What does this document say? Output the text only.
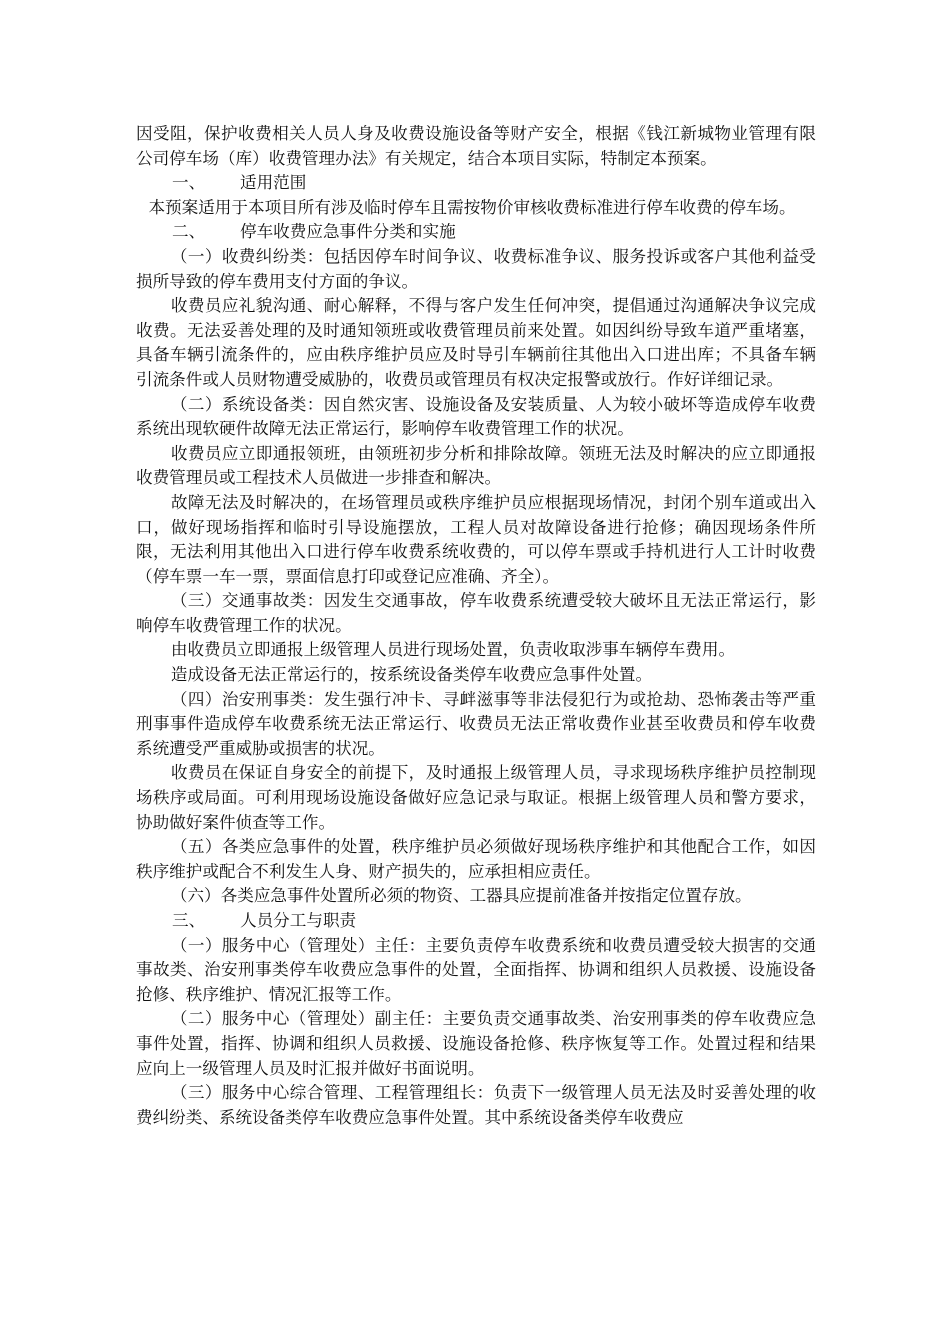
因受阻，保护收费相关人员人身及收费设施设备等财产安全，根据《钱江新城物业管理有限公司停车场（库）收费管理办法》有关规定，结合本项目实际，特制定本预案。

一、 适用范围

本预案适用于本项目所有涉及临时停车且需按物价审核收费标准进行停车收费的停车场。

二、 停车收费应急事件分类和实施

（一）收费纠纷类：包括因停车时间争议、收费标准争议、服务投诉或客户其他利益受损所导致的停车费用支付方面的争议。

收费员应礼貌沟通、耐心解释，不得与客户发生任何冲突，提倡通过沟通解决争议完成收费。无法妥善处理的及时通知领班或收费管理员前来处置。如因纠纷导致车道严重堵塞，具备车辆引流条件的，应由秩序维护员应及时导引车辆前往其他出入口进出库；不具备车辆引流条件或人员财物遭受威胁的，收费员或管理员有权决定报警或放行。作好详细记录。

（二）系统设备类：因自然灾害、设施设备及安装质量、人为较小破坏等造成停车收费系统出现软硬件故障无法正常运行，影响停车收费管理工作的状况。

收费员应立即通报领班，由领班初步分析和排除故障。领班无法及时解决的应立即通报收费管理员或工程技术人员做进一步排查和解决。

故障无法及时解决的，在场管理员或秩序维护员应根据现场情况，封闭个别车道或出入口，做好现场指挥和临时引导设施摆放，工程人员对故障设备进行抢修；确因现场条件所限，无法利用其他出入口进行停车收费系统收费的，可以停车票或手持机进行人工计时收费（停车票一车一票，票面信息打印或登记应准确、齐全）。

（三）交通事故类：因发生交通事故，停车收费系统遭受较大破坏且无法正常运行，影响停车收费管理工作的状况。

由收费员立即通报上级管理人员进行现场处置，负责收取涉事车辆停车费用。

造成设备无法正常运行的，按系统设备类停车收费应急事件处置。

（四）治安刑事类：发生强行冲卡、寻衅滋事等非法侵犯行为或抢劫、恐怖袭击等严重刑事事件造成停车收费系统无法正常运行、收费员无法正常收费作业甚至收费员和停车收费系统遭受严重威胁或损害的状况。

收费员在保证自身安全的前提下，及时通报上级管理人员，寻求现场秩序维护员控制现场秩序或局面。可利用现场设施设备做好应急记录与取证。根据上级管理人员和警方要求，协助做好案件侦查等工作。

（五）各类应急事件的处置，秩序维护员必须做好现场秩序维护和其他配合工作，如因秩序维护或配合不利发生人身、财产损失的，应承担相应责任。

（六）各类应急事件处置所必须的物资、工器具应提前准备并按指定位置存放。

三、 人员分工与职责

（一）服务中心（管理处）主任：主要负责停车收费系统和收费员遭受较大损害的交通事故类、治安刑事类停车收费应急事件的处置，全面指挥、协调和组织人员救援、设施设备抢修、秩序维护、情况汇报等工作。

（二）服务中心（管理处）副主任：主要负责交通事故类、治安刑事类的停车收费应急事件处置，指挥、协调和组织人员救援、设施设备抢修、秩序恢复等工作。处置过程和结果应向上一级管理人员及时汇报并做好书面说明。

（三）服务中心综合管理、工程管理组长：负责下一级管理人员无法及时妥善处理的收费纠纷类、系统设备类停车收费应急事件处置。其中系统设备类停车收费应
